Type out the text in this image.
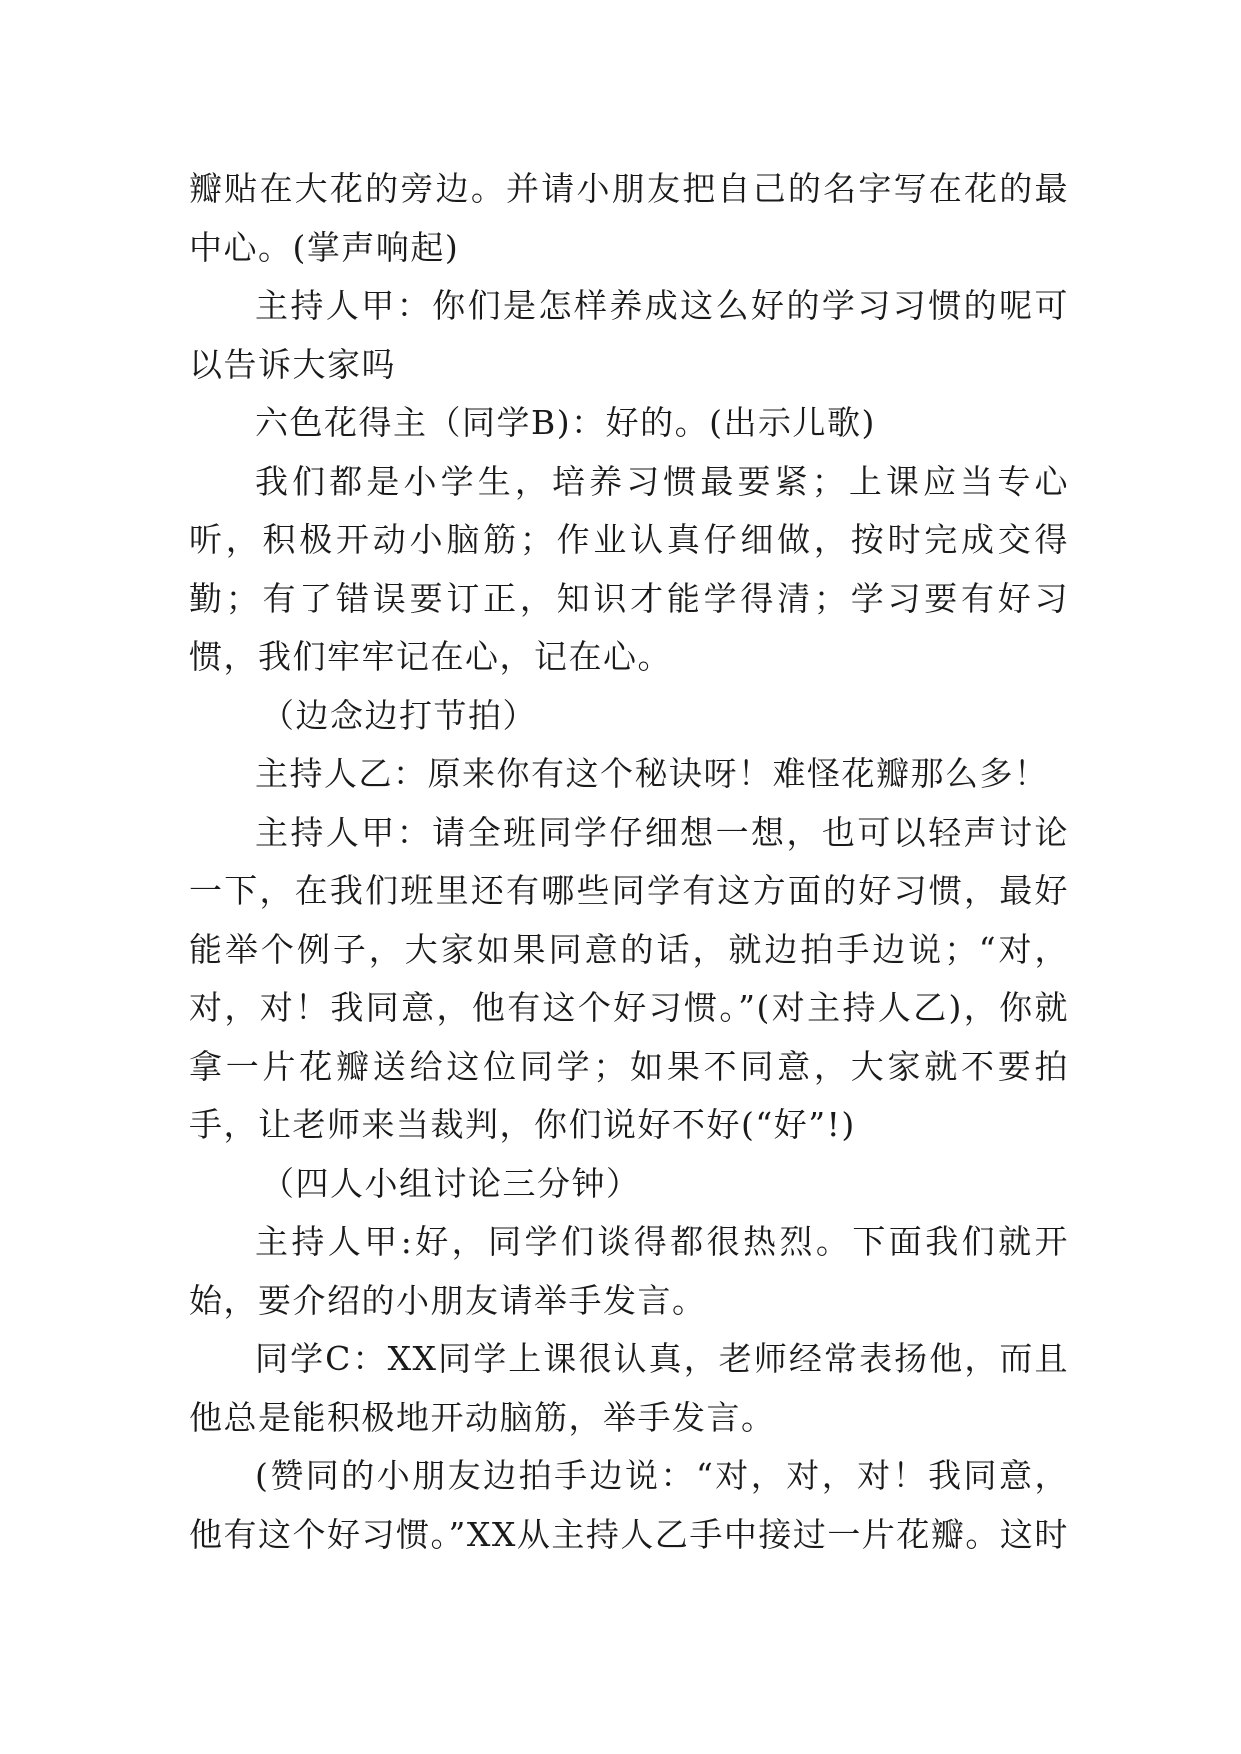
瓣贴在大花的旁边。并请小朋友把自己的名字写在花的最中心。(掌声响起)

主持人甲：你们是怎样养成这么好的学习习惯的呢可以告诉大家吗

六色花得主（同学B)：好的。(出示儿歌)

我们都是小学生，培养习惯最要紧；上课应当专心听，积极开动小脑筋；作业认真仔细做，按时完成交得勤；有了错误要订正，知识才能学得清；学习要有好习惯，我们牢牢记在心，记在心。

（边念边打节拍）

主持人乙：原来你有这个秘诀呀！难怪花瓣那么多！

主持人甲：请全班同学仔细想一想，也可以轻声讨论一下，在我们班里还有哪些同学有这方面的好习惯，最好能举个例子，大家如果同意的话，就边拍手边说；“对，对，对！我同意，他有这个好习惯。”(对主持人乙)，你就拿一片花瓣送给这位同学；如果不同意，大家就不要拍手，让老师来当裁判，你们说好不好(“好”!)

（四人小组讨论三分钟）

主持人甲:好，同学们谈得都很热烈。下面我们就开始，要介绍的小朋友请举手发言。

同学C：XX同学上课很认真，老师经常表扬他，而且他总是能积极地开动脑筋，举手发言。

(赞同的小朋友边拍手边说：“对，对，对！我同意，他有这个好习惯。”XX从主持人乙手中接过一片花瓣。这时
